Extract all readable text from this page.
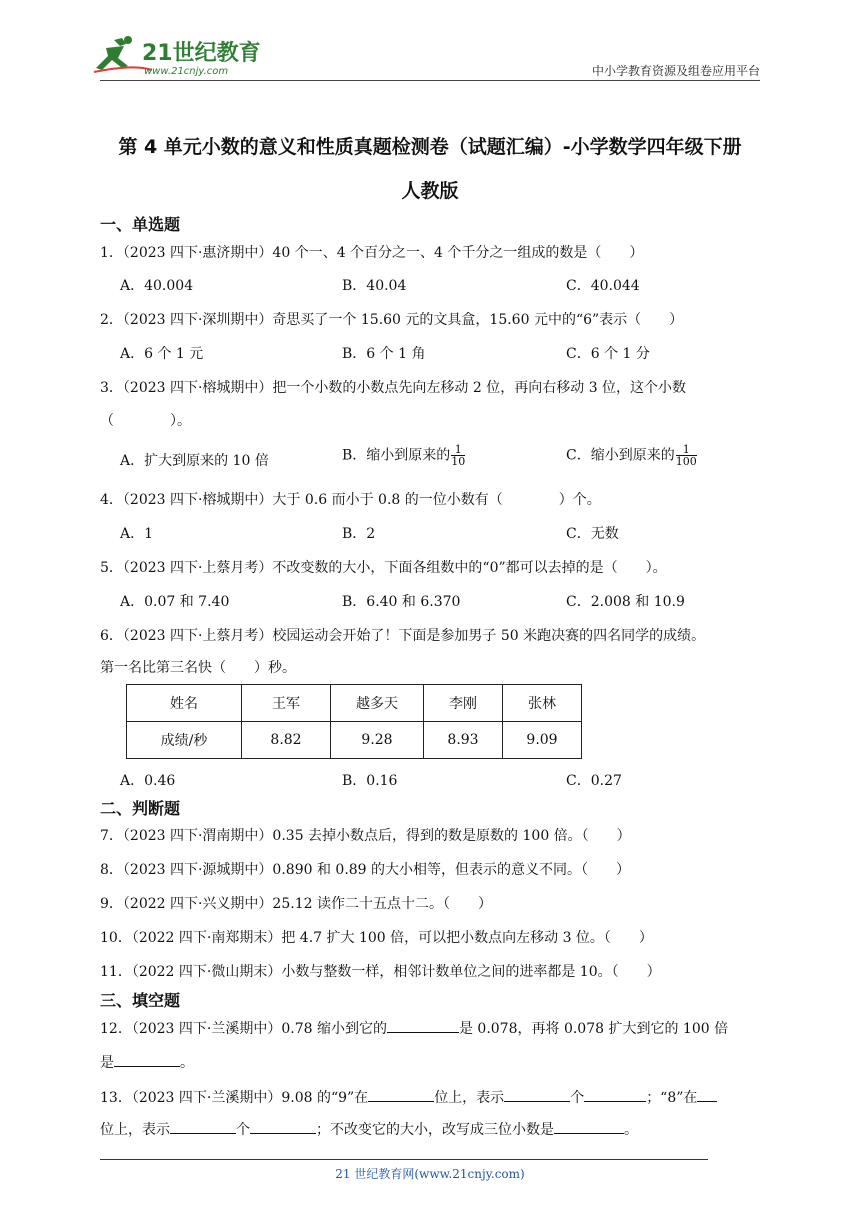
21世纪教育
www.21cnjy.com	中小学教育资源及组卷应用平台
第 4 单元小数的意义和性质真题检测卷（试题汇编）-小学数学四年级下册
人教版
一、单选题
1．（2023 四下·惠济期中）40 个一、4 个百分之一、4 个千分之一组成的数是（　　）
A．40.004	B．40.04	C．40.044
2．（2023 四下·深圳期中）奇思买了一个 15.60 元的文具盒，15.60 元中的“6”表示（　　）
A．6 个 1 元	B．6 个 1 角	C．6 个 1 分
3．（2023 四下·榕城期中）把一个小数的小数点先向左移动 2 位，再向右移动 3 位，这个小数
（　　　　）。
A．扩大到原来的 10 倍	B．缩小到原来的 $\frac{1}{10}$	C．缩小到原来的 $\frac{1}{100}$
4．（2023 四下·榕城期中）大于 0.6 而小于 0.8 的一位小数有（　　　　）个。
A．1	B．2	C．无数
5．（2023 四下·上蔡月考）不改变数的大小，下面各组数中的“0”都可以去掉的是（　　）。
A．0.07 和 7.40	B．6.40 和 6.370	C．2.008 和 10.9
6．（2023 四下·上蔡月考）校园运动会开始了！下面是参加男子 50 米跑决赛的四名同学的成绩。
第一名比第三名快（　　）秒。
姓名	王军	越多天	李刚	张林
成绩/秒	8.82	9.28	8.93	9.09
A．0.46	B．0.16	C．0.27
二、判断题
7．（2023 四下·渭南期中）0.35 去掉小数点后，得到的数是原数的 100 倍。（　　）
8．（2023 四下·源城期中）0.890 和 0.89 的大小相等，但表示的意义不同。（　　）
9．（2022 四下·兴义期中）25.12 读作二十五点十二。（　　）
10．（2022 四下·南郑期末）把 4.7 扩大 100 倍，可以把小数点向左移动 3 位。（　　）
11．（2022 四下·微山期末）小数与整数一样，相邻计数单位之间的进率都是 10。（　　）
三、填空题
12．（2023 四下·兰溪期中）0.78 缩小到它的	是 0.078，再将 0.078 扩大到它的 100 倍
是	。
13．（2023 四下·兰溪期中）9.08 的“9”在	位上，表示	个	；“8”在
位上，表示	个	；不改变它的大小，改写成三位小数是	。
21 世纪教育网(www.21cnjy.com)
